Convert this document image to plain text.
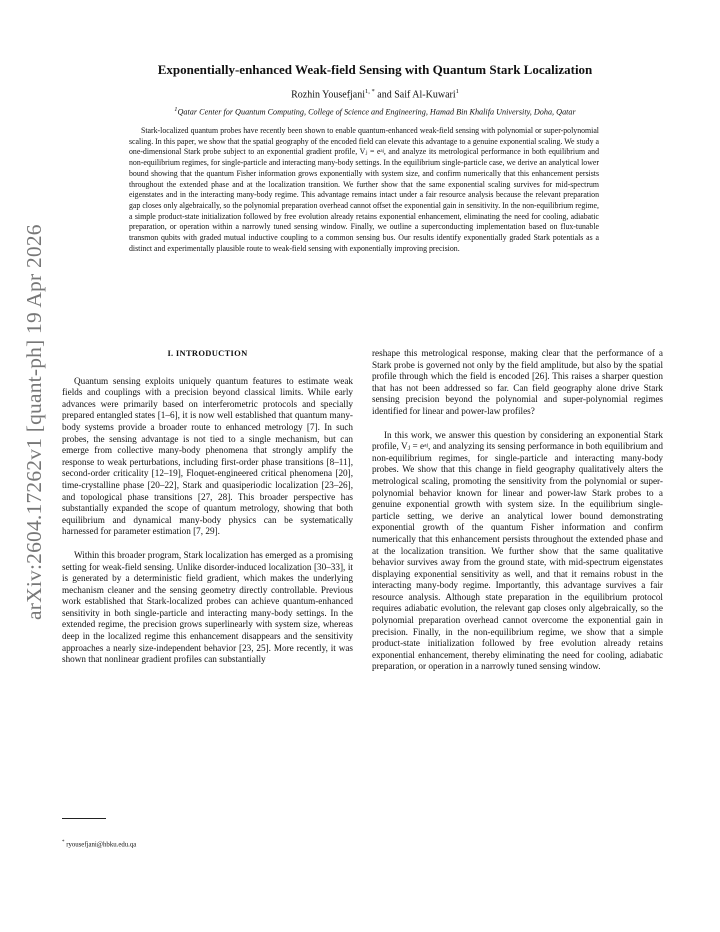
arXiv:2604.17262v1 [quant-ph] 19 Apr 2026
Exponentially-enhanced Weak-field Sensing with Quantum Stark Localization
Rozhin Yousefjani$^{1, *}$ and Saif Al-Kuwari$^1$
$^1$Qatar Center for Quantum Computing, College of Science and Engineering, Hamad Bin Khalifa University, Doha, Qatar
Stark-localized quantum probes have recently been shown to enable quantum-enhanced weak-field sensing with polynomial or super-polynomial scaling. In this paper, we show that the spatial geography of the encoded field can elevate this advantage to a genuine exponential scaling. We study a one-dimensional Stark probe subject to an exponential gradient profile, Vⱼ = eᵃʲ, and analyze its metrological performance in both equilibrium and non-equilibrium regimes, for single-particle and interacting many-body settings. In the equilibrium single-particle case, we derive an analytical lower bound showing that the quantum Fisher information grows exponentially with system size, and confirm numerically that this enhancement persists throughout the extended phase and at the localization transition. We further show that the same exponential scaling survives for mid-spectrum eigenstates and in the interacting many-body regime. This advantage remains intact under a fair resource analysis because the relevant preparation gap closes only algebraically, so the polynomial preparation overhead cannot offset the exponential gain in sensitivity. In the non-equilibrium regime, a simple product-state initialization followed by free evolution already retains exponential enhancement, eliminating the need for cooling, adiabatic preparation, or operation within a narrowly tuned sensing window. Finally, we outline a superconducting implementation based on flux-tunable transmon qubits with graded mutual inductive coupling to a common sensing bus. Our results identify exponentially graded Stark potentials as a distinct and experimentally plausible route to weak-field sensing with exponentially improving precision.
I. INTRODUCTION

Quantum sensing exploits uniquely quantum features to estimate weak fields and couplings with a precision beyond classical limits. While early advances were primarily based on interferometric protocols and specially prepared entangled states [1–6], it is now well established that quantum many-body systems provide a broader route to enhanced metrology [7]. In such probes, the sensing advantage is not tied to a single mechanism, but can emerge from collective many-body phenomena that strongly amplify the response to weak perturbations, including first-order phase transitions [8–11], second-order criticality [12–19], Floquet-engineered critical phenomena [20], time-crystalline phase [20–22], Stark and quasiperiodic localization [23–26], and topological phase transitions [27, 28]. This broader perspective has substantially expanded the scope of quantum metrology, showing that both equilibrium and dynamical many-body physics can be systematically harnessed for parameter estimation [7, 29].

Within this broader program, Stark localization has emerged as a promising setting for weak-field sensing. Unlike disorder-induced localization [30–33], it is generated by a deterministic field gradient, which makes the underlying mechanism cleaner and the sensing geometry directly controllable. Previous work established that Stark-localized probes can achieve quantum-enhanced sensitivity in both single-particle and interacting many-body settings. In the extended regime, the precision grows superlinearly with system size, whereas deep in the localized regime this enhancement disappears and the sensitivity approaches a nearly size-independent behavior [23, 25]. More recently, it was shown that nonlinear gradient profiles can substantially

reshape this metrological response, making clear that the performance of a Stark probe is governed not only by the field amplitude, but also by the spatial profile through which the field is encoded [26]. This raises a sharper question that has not been addressed so far. Can field geography alone drive Stark sensing precision beyond the polynomial and super-polynomial regimes identified for linear and power-law profiles?

In this work, we answer this question by considering an exponential Stark profile, Vⱼ = eᵃʲ, and analyzing its sensing performance in both equilibrium and non-equilibrium regimes, for single-particle and interacting many-body probes. We show that this change in field geography qualitatively alters the metrological scaling, promoting the sensitivity from the polynomial or super-polynomial behavior known for linear and power-law Stark probes to a genuine exponential growth with system size. In the equilibrium single-particle setting, we derive an analytical lower bound demonstrating exponential growth of the quantum Fisher information and confirm numerically that this enhancement persists throughout the extended phase and at the localization transition. We further show that the same qualitative behavior survives away from the ground state, with mid-spectrum eigenstates displaying exponential sensitivity as well, and that it remains robust in the interacting many-body regime. Importantly, this advantage survives a fair resource analysis. Although state preparation in the equilibrium protocol requires adiabatic evolution, the relevant gap closes only algebraically, so the polynomial preparation overhead cannot overcome the exponential gain in precision. Finally, in the non-equilibrium regime, we show that a simple product-state initialization followed by free evolution already retains exponential enhancement, thereby eliminating the need for cooling, adiabatic preparation, or operation in a narrowly tuned sensing window.

* ryousefjani@hbku.edu.qa
